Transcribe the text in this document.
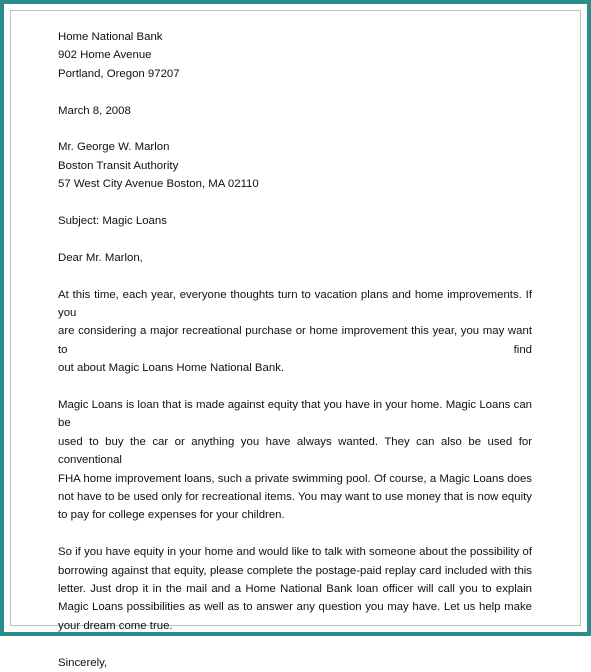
Home National Bank
902 Home Avenue
Portland, Oregon 97207
March 8, 2008
Mr. George W. Marlon
Boston Transit Authority
57 West City Avenue Boston, MA 02110
Subject: Magic Loans
Dear Mr. Marlon,
At this time, each year, everyone thoughts turn to vacation plans and home improvements. If you
are considering a major recreational purchase or home improvement this year, you may want to find
out about Magic Loans Home National Bank.
Magic Loans is loan that is made against equity that you have in your home. Magic Loans can be
used to buy the car or anything you have always wanted. They can also be used for conventional
FHA home improvement loans, such a private swimming pool. Of course, a Magic Loans does
not have to be used only for recreational items. You may want to use money that is now equity
to pay for college expenses for your children.
So if you have equity in your home and would like to talk with someone about the possibility of
borrowing against that equity, please complete the postage-paid replay card included with this
letter. Just drop it in the mail and a Home National Bank loan officer will call you to explain
Magic Loans possibilities as well as to answer any question you may have. Let us help make
your dream come true.
Sincerely,
